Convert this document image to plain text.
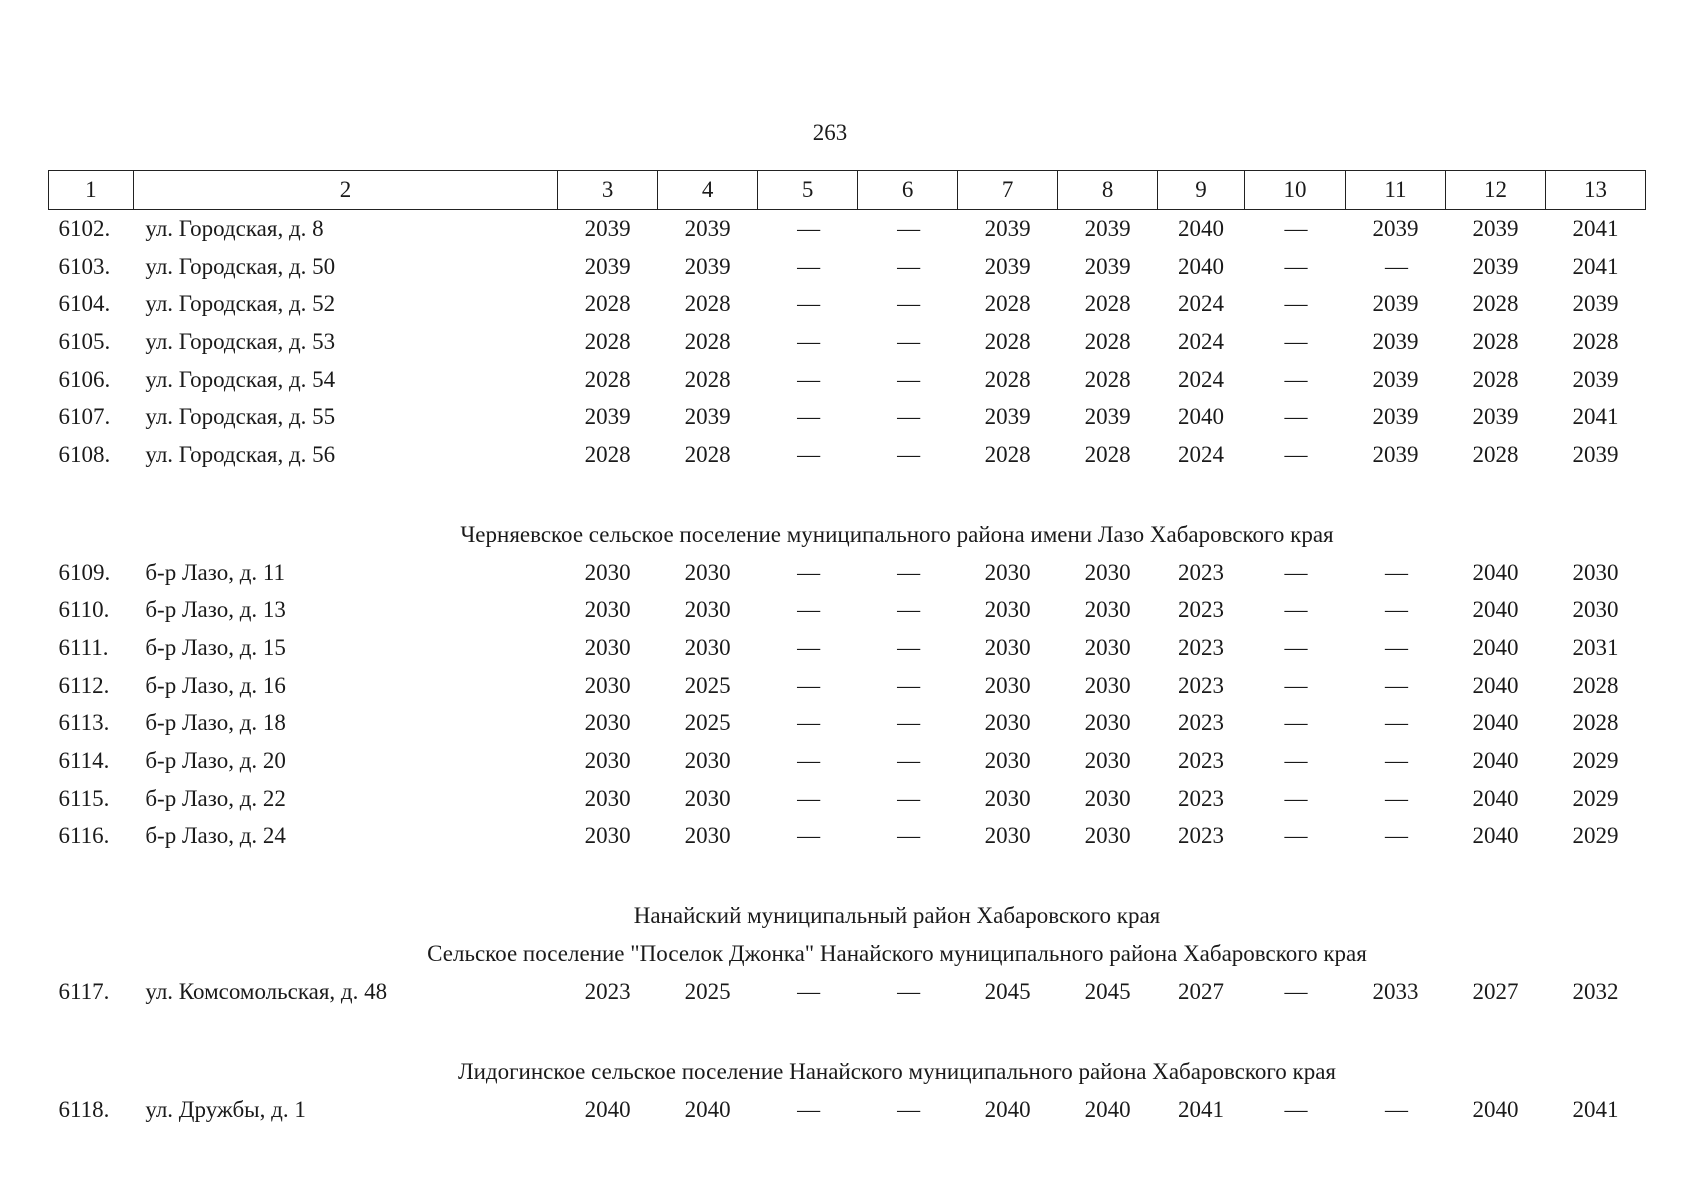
263
1	2	3	4	5	6	7	8	9	10	11	12	13
6102.	ул. Городская, д. 8	2039	2039	—	—	2039	2039	2040	—	2039	2039	2041
6103.	ул. Городская, д. 50	2039	2039	—	—	2039	2039	2040	—	—	2039	2041
6104.	ул. Городская, д. 52	2028	2028	—	—	2028	2028	2024	—	2039	2028	2039
6105.	ул. Городская, д. 53	2028	2028	—	—	2028	2028	2024	—	2039	2028	2028
6106.	ул. Городская, д. 54	2028	2028	—	—	2028	2028	2024	—	2039	2028	2039
6107.	ул. Городская, д. 55	2039	2039	—	—	2039	2039	2040	—	2039	2039	2041
6108.	ул. Городская, д. 56	2028	2028	—	—	2028	2028	2024	—	2039	2028	2039

Черняевское сельское поселение муниципального района имени Лазо Хабаровского края												
6109.	б-р Лазо, д. 11	2030	2030	—	—	2030	2030	2023	—	—	2040	2030
6110.	б-р Лазо, д. 13	2030	2030	—	—	2030	2030	2023	—	—	2040	2030
6111.	б-р Лазо, д. 15	2030	2030	—	—	2030	2030	2023	—	—	2040	2031
6112.	б-р Лазо, д. 16	2030	2025	—	—	2030	2030	2023	—	—	2040	2028
6113.	б-р Лазо, д. 18	2030	2025	—	—	2030	2030	2023	—	—	2040	2028
6114.	б-р Лазо, д. 20	2030	2030	—	—	2030	2030	2023	—	—	2040	2029
6115.	б-р Лазо, д. 22	2030	2030	—	—	2030	2030	2023	—	—	2040	2029
6116.	б-р Лазо, д. 24	2030	2030	—	—	2030	2030	2023	—	—	2040	2029

Нанайский муниципальный район Хабаровского края												
Сельское поселение "Поселок Джонка" Нанайского муниципального района Хабаровского края												
6117.	ул. Комсомольская, д. 48	2023	2025	—	—	2045	2045	2027	—	2033	2027	2032

Лидогинское сельское поселение Нанайского муниципального района Хабаровского края												
6118.	ул. Дружбы, д. 1	2040	2040	—	—	2040	2040	2041	—	—	2040	2041
